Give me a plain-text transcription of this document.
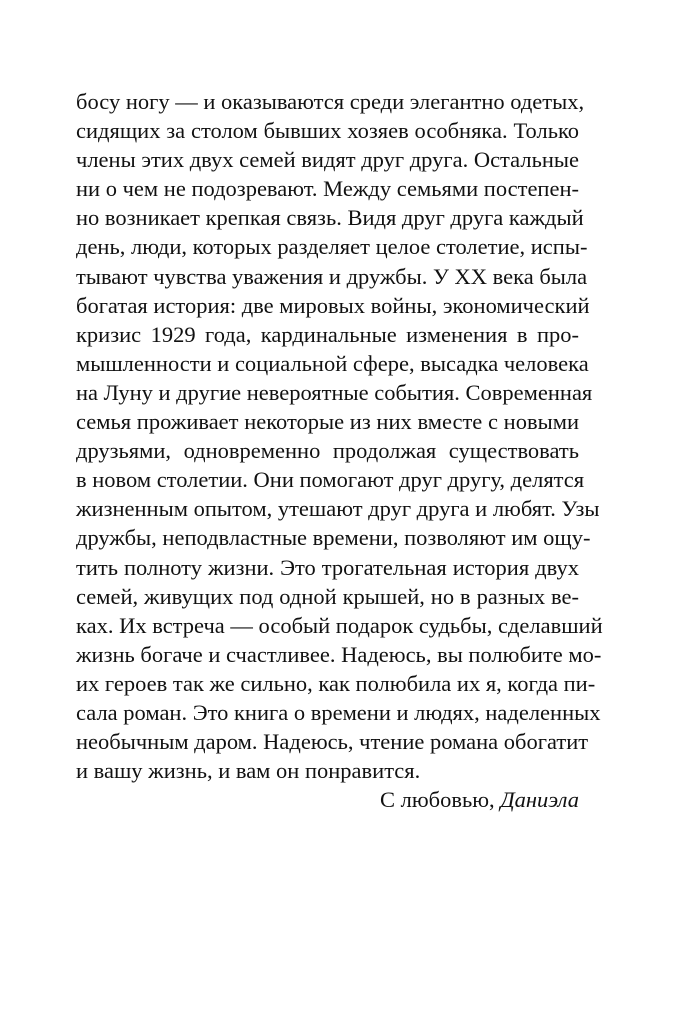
босу ногу — и оказываются среди элегантно одетых,
сидящих за столом бывших хозяев особняка. Только
члены этих двух семей видят друг друга. Остальные
ни о чем не подозревают. Между семьями постепен-
но возникает крепкая связь. Видя друг друга каждый
день, люди, которых разделяет целое столетие, испы-
тывают чувства уважения и дружбы. У XX века была
богатая история: две мировых войны, экономический
кризис 1929 года, кардинальные изменения в про-
мышленности и социальной сфере, высадка человека
на Луну и другие невероятные события. Современная
семья проживает некоторые из них вместе с новыми
друзьями, одновременно продолжая существовать
в новом столетии. Они помогают друг другу, делятся
жизненным опытом, утешают друг друга и любят. Узы
дружбы, неподвластные времени, позволяют им ощу-
тить полноту жизни. Это трогательная история двух
семей, живущих под одной крышей, но в разных ве-
ках. Их встреча — особый подарок судьбы, сделавший
жизнь богаче и счастливее. Надеюсь, вы полюбите мо-
их героев так же сильно, как полюбила их я, когда пи-
сала роман. Это книга о времени и людях, наделенных
необычным даром. Надеюсь, чтение романа обогатит
и вашу жизнь, и вам он понравится.
С любовью, Даниэла
